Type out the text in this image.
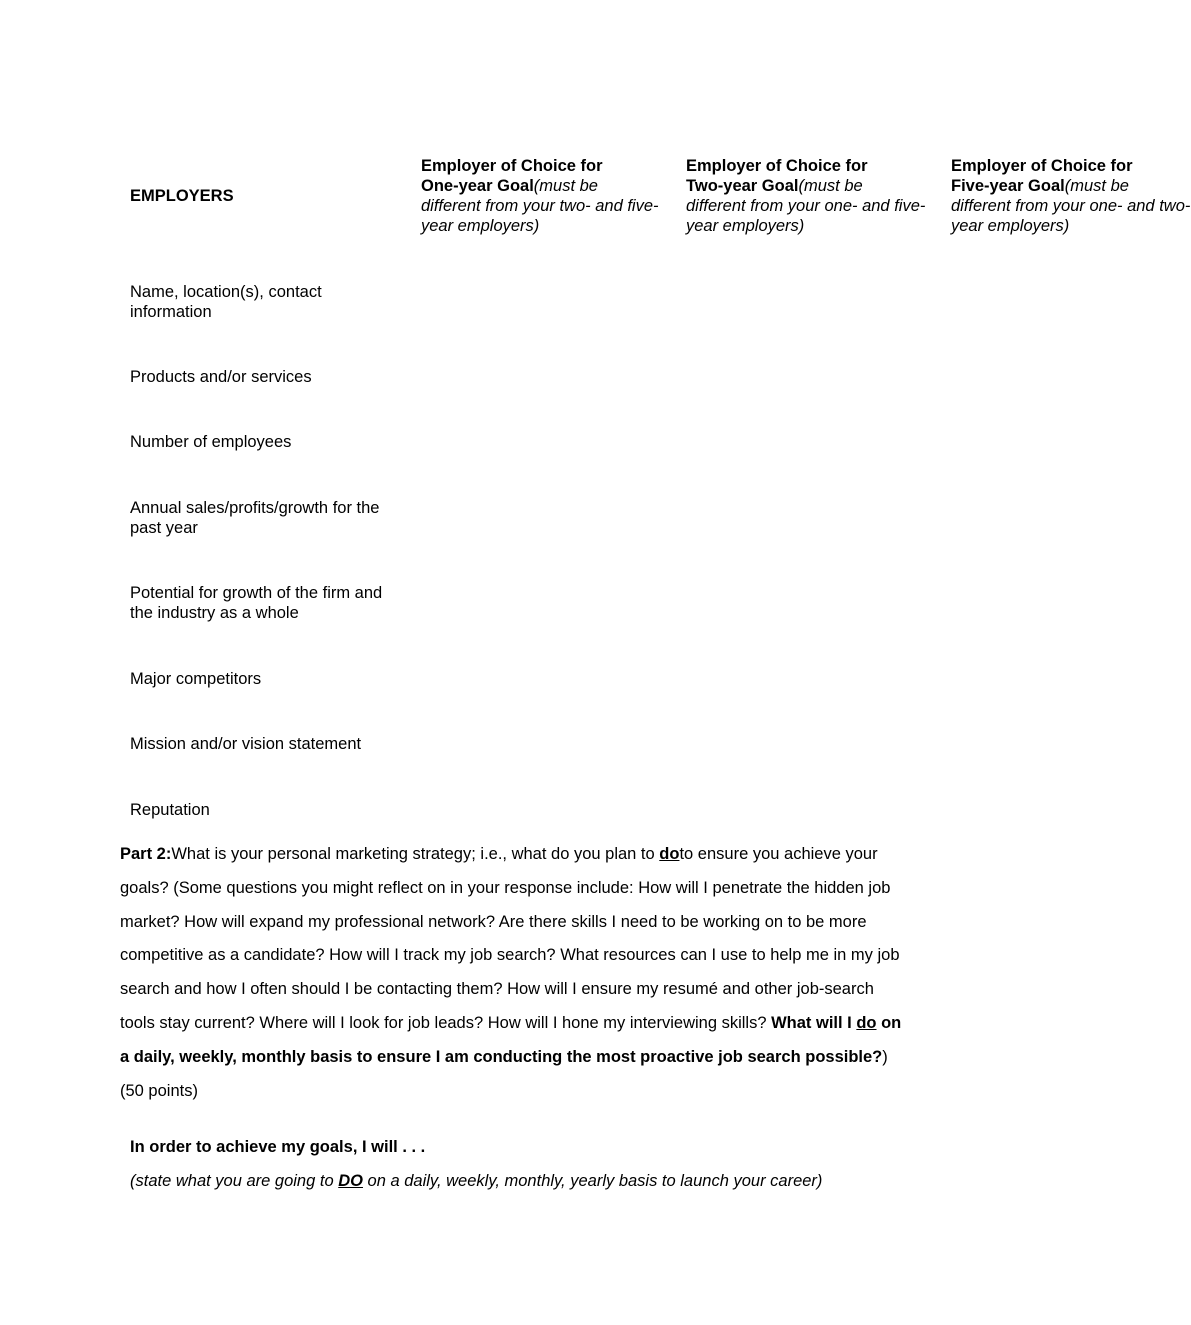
EMPLOYERS
Employer of Choice for
One-year Goal(must be different from your two- and five-year employers)
Employer of Choice for
Two-year Goal(must be different from your one- and five-year employers)
Employer of Choice for
Five-year Goal(must be different from your one- and two-year employers)
Name, location(s), contact information
Products and/or services
Number of employees
Annual sales/profits/growth for the past year
Potential for growth of the firm and the industry as a whole
Major competitors
Mission and/or vision statement
Reputation
Part 2:What is your personal marketing strategy; i.e., what do you plan to doto ensure you achieve your goals? (Some questions you might reflect on in your response include: How will I penetrate the hidden job market? How will expand my professional network? Are there skills I need to be working on to be more competitive as a candidate? How will I track my job search? What resources can I use to help me in my job search and how I often should I be contacting them? How will I ensure my resumé and other job-search tools stay current? Where will I look for job leads? How will I hone my interviewing skills? What will I do on a daily, weekly, monthly basis to ensure I am conducting the most proactive job search possible?) (50 points)
In order to achieve my goals, I will . . .
(state what you are going to DO on a daily, weekly, monthly, yearly basis to launch your career)
